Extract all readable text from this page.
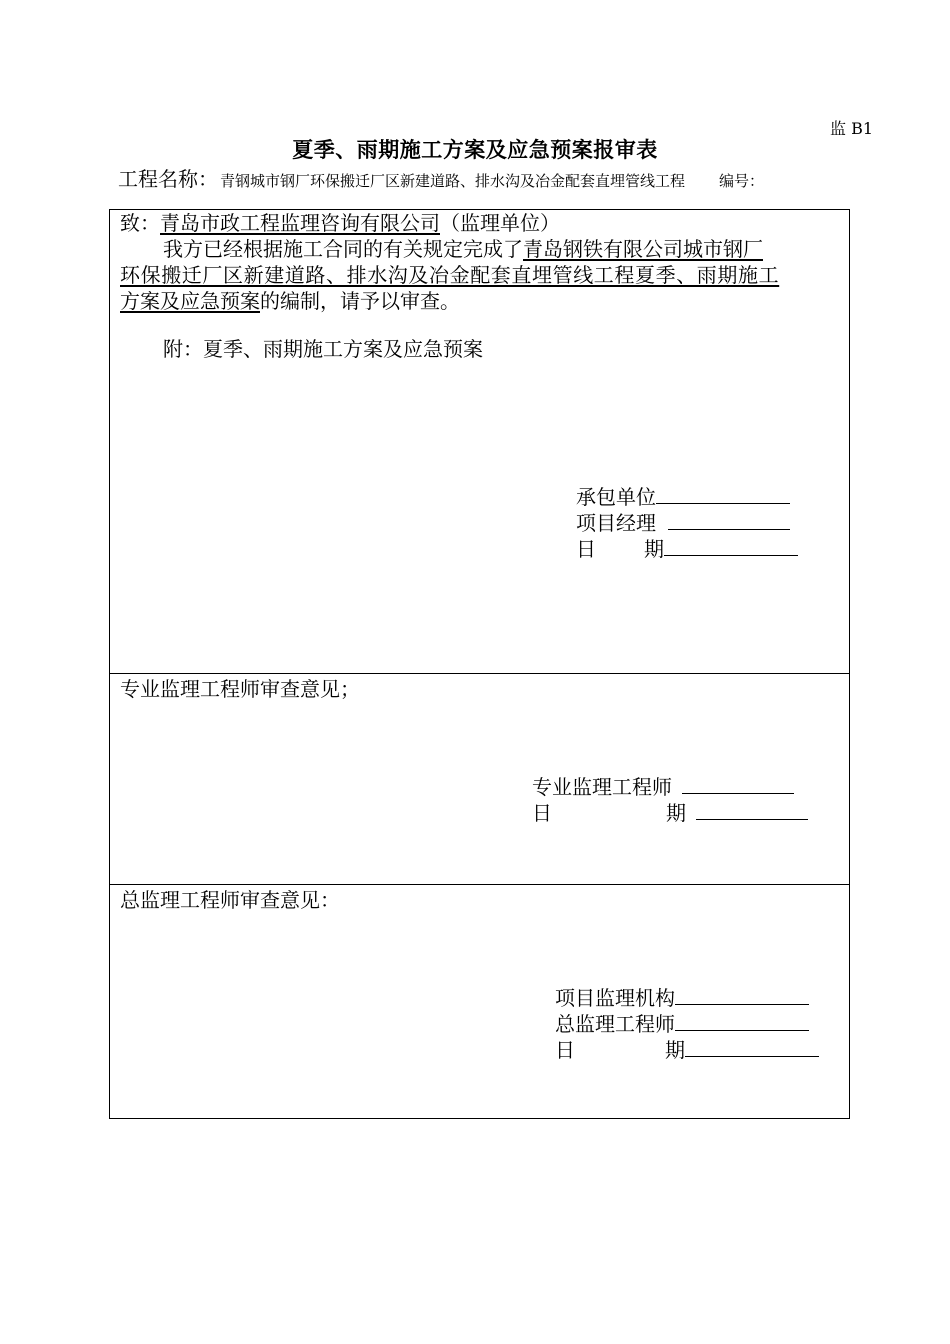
监 B1
夏季、雨期施工方案及应急预案报审表
工程名称： 青钢城市钢厂环保搬迁厂区新建道路、排水沟及冶金配套直埋管线工程 编号：
致：青岛市政工程监理咨询有限公司（监理单位）
我方已经根据施工合同的有关规定完成了青岛钢铁有限公司城市钢厂
环保搬迁厂区新建道路、排水沟及冶金配套直埋管线工程夏季、雨期施工
方案及应急预案的编制，请予以审查。
附：夏季、雨期施工方案及应急预案
承包单位
项目经理
日 期
专业监理工程师审查意见；
专业监理工程师
日	期
总监理工程师审查意见：
项目监理机构
总监理工程师
日	期
